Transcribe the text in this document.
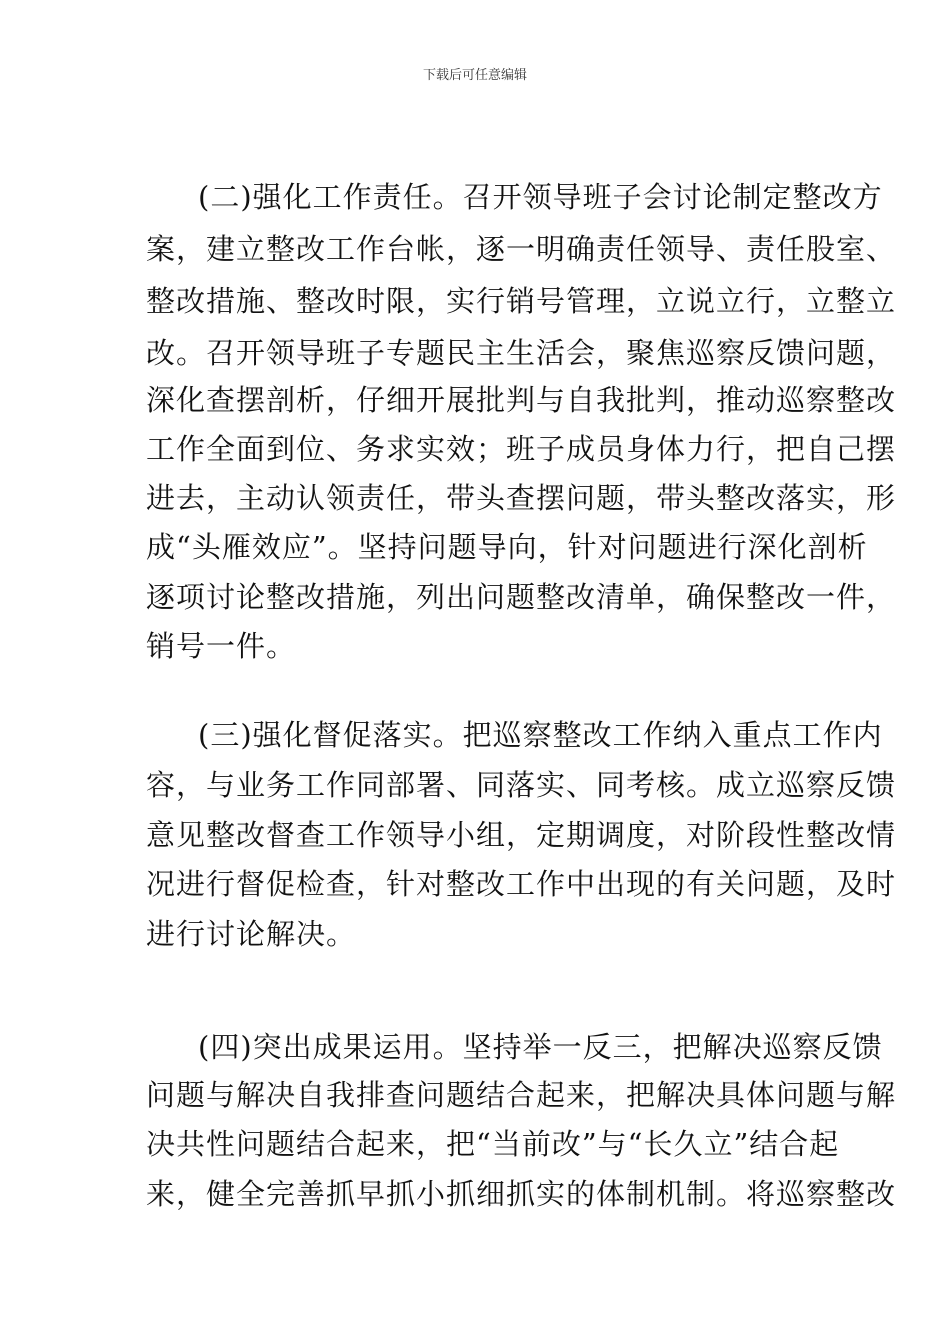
下载后可任意编辑
(二)强化工作责任。召开领导班子会讨论制定整改方
案，建立整改工作台帐，逐一明确责任领导、责任股室、
整改措施、整改时限，实行销号管理，立说立行，立整立
改。召开领导班子专题民主生活会，聚焦巡察反馈问题，
深化查摆剖析，仔细开展批判与自我批判，推动巡察整改
工作全面到位、务求实效；班子成员身体力行，把自己摆
进去，主动认领责任，带头查摆问题，带头整改落实，形
成“头雁效应”。坚持问题导向，针对问题进行深化剖析
逐项讨论整改措施，列出问题整改清单，确保整改一件，
销号一件。
(三)强化督促落实。把巡察整改工作纳入重点工作内
容，与业务工作同部署、同落实、同考核。成立巡察反馈
意见整改督查工作领导小组，定期调度，对阶段性整改情
况进行督促检查，针对整改工作中出现的有关问题，及时
进行讨论解决。
(四)突出成果运用。坚持举一反三，把解决巡察反馈
问题与解决自我排查问题结合起来，把解决具体问题与解
决共性问题结合起来，把“当前改”与“长久立”结合起
来，健全完善抓早抓小抓细抓实的体制机制。将巡察整改
